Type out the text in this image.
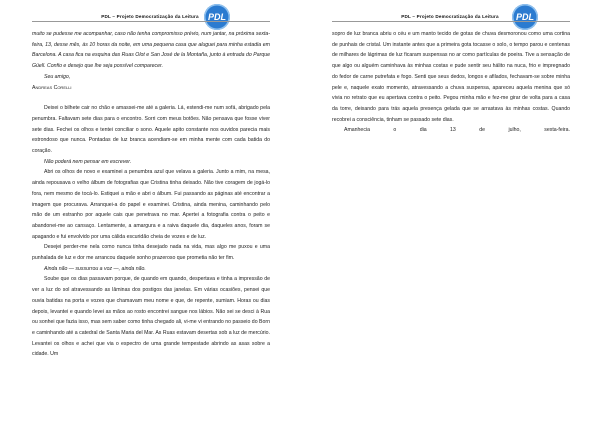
PDL
PDL – Projeto Democratização da Leitura

muito se pudesse me acompanhar, caso não tenha compromisso prévio, num jantar, na próxima sexta-feira, 13, desse mês, às 10 horas da noite, em uma pequena casa que aluguei para minha estadia em Barcelona. A casa fica na esquina das Ruas Olot e San José de la Montaña, junto à entrada do Parque Güell. Confio e desejo que lhe seja possível comparecer.

Seu amigo,

Andreas Corelli

Deixei o bilhete cair no chão e amassei-me até a galeria. Lá, estendi-me num sofá, abrigado pela penumbra. Faltavam sete dias para o encontro. Sorri com meus botões. Não pensava que fosse viver sete dias. Fechei os olhos e tentei conciliar o sono. Aquele apito constante nos ouvidos parecia mais estrondoso que nunca. Pontadas de luz branca acendiam-se em minha mente com cada batida do coração.

Não poderá nem pensar em escrever.

Abri os olhos de novo e examinei a penumbra azul que velava a galeria. Junto a mim, na mesa, ainda repousava o velho álbum de fotografias que Cristina tinha deixado. Não tive coragem de jogá-lo fora, nem mesmo de tocá-lo. Estiquei a mão e abri o álbum. Fui passando as páginas até encontrar a imagem que procurava. Arranquei-a do papel e examinei. Cristina, ainda menina, caminhando pelo mão de um estranho por aquele cais que penetrava no mar. Apertei a fotografia contra o peito e abandonei-me ao cansaço. Lentamente, a amargura e a raiva daquele dia, daqueles anos, foram se apagando e fui envolvido por uma cálida escuridão cheia de vozes e de luz.

Desejei perder-me nela como nunca tinha desejado nada na vida, mas algo me puxou e uma punhalada de luz e dor me arrancou daquele sonho prazeroso que prometia não ter fim.

Ainda não — sussurrou a voz —, ainda não.

Soube que os dias passavam porque, de quando em quando, despertava e tinha a impressão de ver a luz do sol atravessando as lâminas dos postigos das janelas. Em várias ocasiões, pensei que ouvia batidas na porta e vozes que chamavam meu nome e que, de repente, sumiam. Horas ou dias depois, levantei e quando levei as mãos ao rosto encontrei sangue nos lábios. Não sei se desci à Rua ou sonhei que fazia isso, mas sem saber como tinha chegado ali, vi-me vi entrando no passeio do Born e caminhando até a catedral de Santa Maria del Mar. As Ruas estavam desertas sob a luz de mercúrio. Levantei os olhos e achei que via o espectro de uma grande tempestade abrindo as asas sobre a cidade. Um

PDL
PDL – Projeto Democratização da Leitura

sopro de luz branca abriu o céu e um manto tecido de gotas de chuva desmoronou como uma cortina de punhais de cristal. Um instante antes que a primeira gota tocasse o solo, o tempo parou e centenas de milhares de lágrimas de luz ficaram suspensas no ar como partículas de poeira. Tive a sensação de que algo ou alguém caminhava às minhas costas e pude sentir seu hálito na nuca, frio e impregnado do fedor de carne putrefata e fogo. Senti que seus dedos, longos e afilados, fechavam-se sobre minha pele e, naquele exato momento, atravessando a chuva suspensa, apareceu aquela menina que só vivia no retrato que eu apertava contra o peito. Pegou minha mão e fez-me girar de volta para a casa da torre, deixando para trás aquela presença gelada que se arrastava às minhas costas. Quando recobrei a consciência, tinham se passado sete dias.

Amanhecia	o	dia	13	de	julho,	sexta-feira.
